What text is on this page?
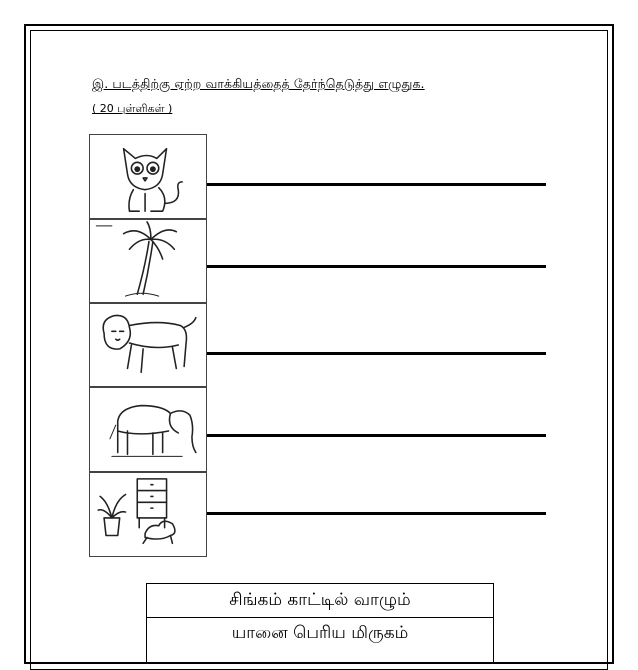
இ. படத்திற்கு ஏற்ற வாக்கியத்தைத் தேர்ந்தெடுத்து எழுதுக.
( 20 புள்ளிகள் )
சிங்கம் காட்டில் வாழும்
யானை பெரிய மிருகம்
